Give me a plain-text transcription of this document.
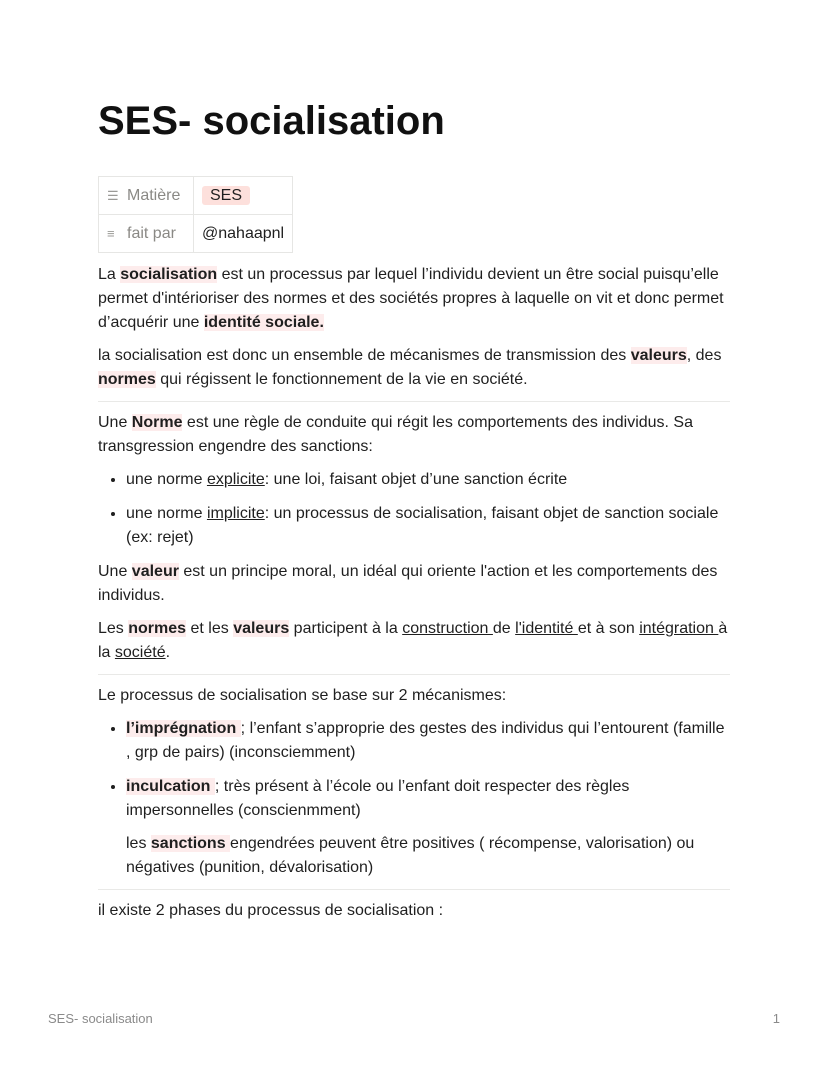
SES- socialisation
☰ Matière	SES
≡ fait par	@nahaapnl

La socialisation est un processus par lequel l’individu devient un être social puisqu’elle permet d'intérioriser des normes et des sociétés propres à laquelle on vit et donc permet d’acquérir une identité sociale.

la socialisation est donc un ensemble de mécanismes de transmission des valeurs, des normes qui régissent le fonctionnement de la vie en société.

Une Norme est une règle de conduite qui régit les comportements des individus. Sa transgression engendre des sanctions:

• une norme explicite: une loi, faisant objet d’une sanction écrite
• une norme implicite: un processus de socialisation, faisant objet de sanction sociale (ex: rejet)

Une valeur est un principe moral, un idéal qui oriente l'action et les comportements des individus.

Les normes et les valeurs participent à la construction de l'identité et à son intégration à la société.

Le processus de socialisation se base sur 2 mécanismes:

• l’imprégnation ; l’enfant s’approprie des gestes des individus qui l’entourent (famille , grp de pairs) (inconsciemment)
• inculcation ; très présent à l’école ou l’enfant doit respecter des règles impersonnelles (conscienmment)

les sanctions engendrées peuvent être positives ( récompense, valorisation) ou négatives (punition, dévalorisation)

il existe 2 phases du processus de socialisation :

SES- socialisation	1
